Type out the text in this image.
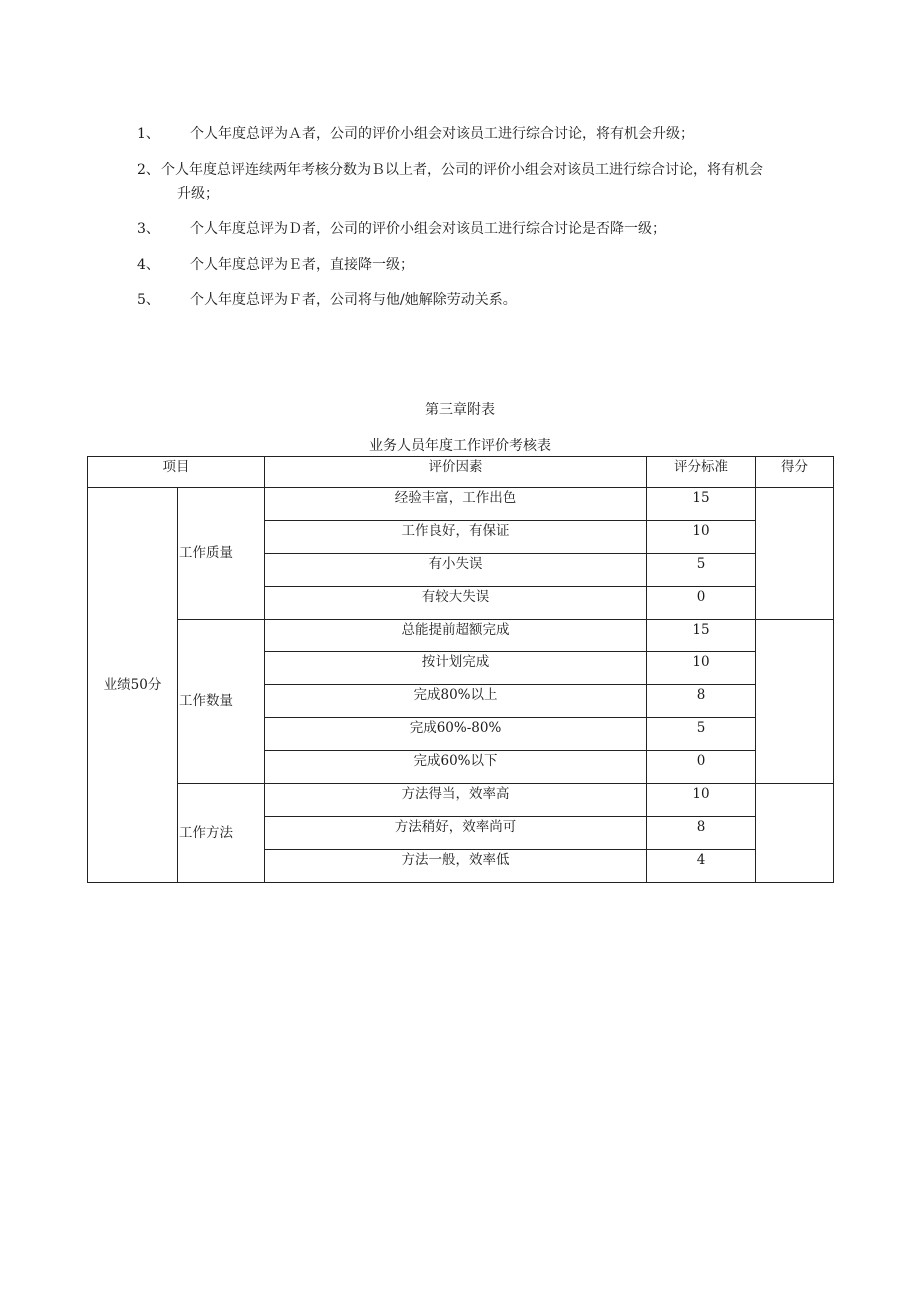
1、 个人年度总评为Ａ者，公司的评价小组会对该员工进行综合讨论，将有机会升级；
2、 个人年度总评连续两年考核分数为Ｂ以上者，公司的评价小组会对该员工进行综合讨论，将有机会
升级；
3、 个人年度总评为Ｄ者，公司的评价小组会对该员工进行综合讨论是否降一级；
4、 个人年度总评为Ｅ者，直接降一级；
5、 个人年度总评为Ｆ者，公司将与他/她解除劳动关系。
第三章附表
业务人员年度工作评价考核表
项目		评价因素	评分标准	得分
业绩50分	工作质量	经验丰富，工作出色	15	
		工作良好，有保证	10	
		有小失误	5	
		有较大失误	0	
	工作数量	总能提前超额完成	15	
		按计划完成	10	
		完成80%以上	8	
		完成60%-80%	5	
		完成60%以下	0	
	工作方法	方法得当，效率高	10	
		方法稍好，效率尚可	8	
		方法一般，效率低	4	
